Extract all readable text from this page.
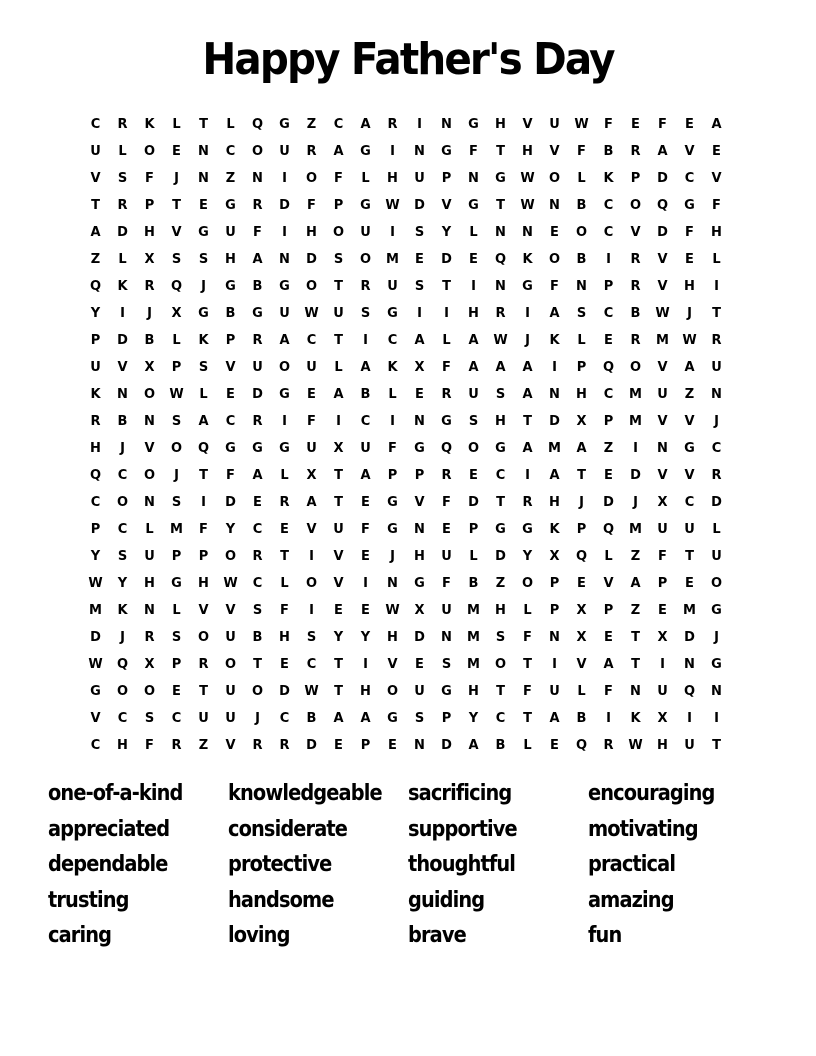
Happy Father's Day
C	R	K	L	T	L	Q	G	Z	C	A	R	I	N	G	H	V	U	W	F	E	F	E	A
U	L	O	E	N	C	O	U	R	A	G	I	N	G	F	T	H	V	F	B	R	A	V	E
V	S	F	J	N	Z	N	I	O	F	L	H	U	P	N	G	W	O	L	K	P	D	C	V
T	R	P	T	E	G	R	D	F	P	G	W	D	V	G	T	W	N	B	C	O	Q	G	F
A	D	H	V	G	U	F	I	H	O	U	I	S	Y	L	N	N	E	O	C	V	D	F	H
Z	L	X	S	S	H	A	N	D	S	O	M	E	D	E	Q	K	O	B	I	R	V	E	L
Q	K	R	Q	J	G	B	G	O	T	R	U	S	T	I	N	G	F	N	P	R	V	H	I
Y	I	J	X	G	B	G	U	W	U	S	G	I	I	H	R	I	A	S	C	B	W	J	T
P	D	B	L	K	P	R	A	C	T	I	C	A	L	A	W	J	K	L	E	R	M	W	R
U	V	X	P	S	V	U	O	U	L	A	K	X	F	A	A	A	I	P	Q	O	V	A	U
K	N	O	W	L	E	D	G	E	A	B	L	E	R	U	S	A	N	H	C	M	U	Z	N
R	B	N	S	A	C	R	I	F	I	C	I	N	G	S	H	T	D	X	P	M	V	V	J
H	J	V	O	Q	G	G	G	U	X	U	F	G	Q	O	G	A	M	A	Z	I	N	G	C
Q	C	O	J	T	F	A	L	X	T	A	P	P	R	E	C	I	A	T	E	D	V	V	R
C	O	N	S	I	D	E	R	A	T	E	G	V	F	D	T	R	H	J	D	J	X	C	D
P	C	L	M	F	Y	C	E	V	U	F	G	N	E	P	G	G	K	P	Q	M	U	U	L
Y	S	U	P	P	O	R	T	I	V	E	J	H	U	L	D	Y	X	Q	L	Z	F	T	U
W	Y	H	G	H	W	C	L	O	V	I	N	G	F	B	Z	O	P	E	V	A	P	E	O
M	K	N	L	V	V	S	F	I	E	E	W	X	U	M	H	L	P	X	P	Z	E	M	G
D	J	R	S	O	U	B	H	S	Y	Y	H	D	N	M	S	F	N	X	E	T	X	D	J
W	Q	X	P	R	O	T	E	C	T	I	V	E	S	M	O	T	I	V	A	T	I	N	G
G	O	O	E	T	U	O	D	W	T	H	O	U	G	H	T	F	U	L	F	N	U	Q	N
V	C	S	C	U	U	J	C	B	A	A	G	S	P	Y	C	T	A	B	I	K	X	I	I
C	H	F	R	Z	V	R	R	D	E	P	E	N	D	A	B	L	E	Q	R	W	H	U	T
one-of-a-kind	knowledgeable sacrificing	encouraging
appreciated	considerate	supportive	motivating
dependable	protective	thoughtful	practical
trusting	handsome	guiding	amazing
caring	loving	brave	fun
